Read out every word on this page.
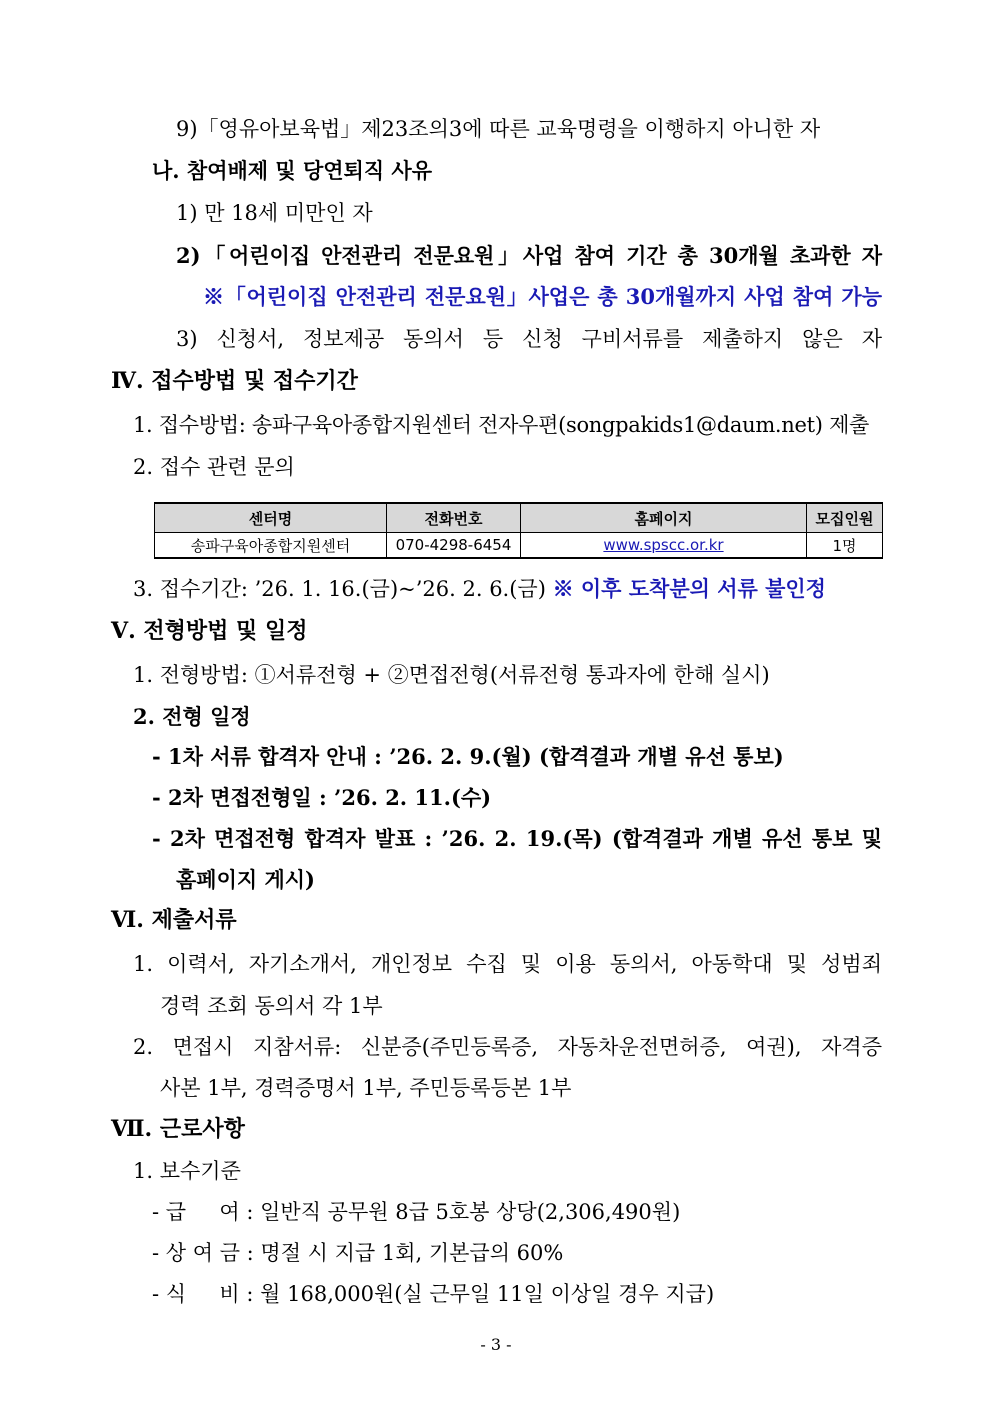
9)「영유아보육법」제23조의3에 따른 교육명령을 이행하지 아니한 자
나. 참여배제 및 당연퇴직 사유
1) 만 18세 미만인 자
2)「어린이집 안전관리 전문요원」사업 참여 기간 총 30개월 초과한 자
※「어린이집 안전관리 전문요원」사업은 총 30개월까지 사업 참여 가능
3) 신청서, 정보제공 동의서 등 신청 구비서류를 제출하지 않은 자
Ⅳ. 접수방법 및 접수기간
1. 접수방법: 송파구육아종합지원센터 전자우편(songpakids1@daum.net) 제출
2. 접수 관련 문의
센터명	전화번호	홈페이지	모집인원
송파구육아종합지원센터	070-4298-6454	www.spscc.or.kr	1명
3. 접수기간: ’26. 1. 16.(금)~’26. 2. 6.(금) ※ 이후 도착분의 서류 불인정
Ⅴ. 전형방법 및 일정
1. 전형방법: ①서류전형 + ②면접전형(서류전형 통과자에 한해 실시)
2. 전형 일정
- 1차 서류 합격자 안내 : ’26. 2. 9.(월) (합격결과 개별 유선 통보)
- 2차 면접전형일 : ’26. 2. 11.(수)
- 2차 면접전형 합격자 발표 : ’26. 2. 19.(목) (합격결과 개별 유선 통보 및
홈페이지 게시)
Ⅵ. 제출서류
1. 이력서, 자기소개서, 개인정보 수집 및 이용 동의서, 아동학대 및 성범죄
경력 조회 동의서 각 1부
2. 면접시 지참서류: 신분증(주민등록증, 자동차운전면허증, 여권), 자격증
사본 1부, 경력증명서 1부, 주민등록등본 1부
Ⅶ. 근로사항
1. 보수기준
- 급     여 : 일반직 공무원 8급 5호봉 상당(2,306,490원)
- 상 여 금 : 명절 시 지급 1회, 기본급의 60%
- 식     비 : 월 168,000원(실 근무일 11일 이상일 경우 지급)
- 3 -
